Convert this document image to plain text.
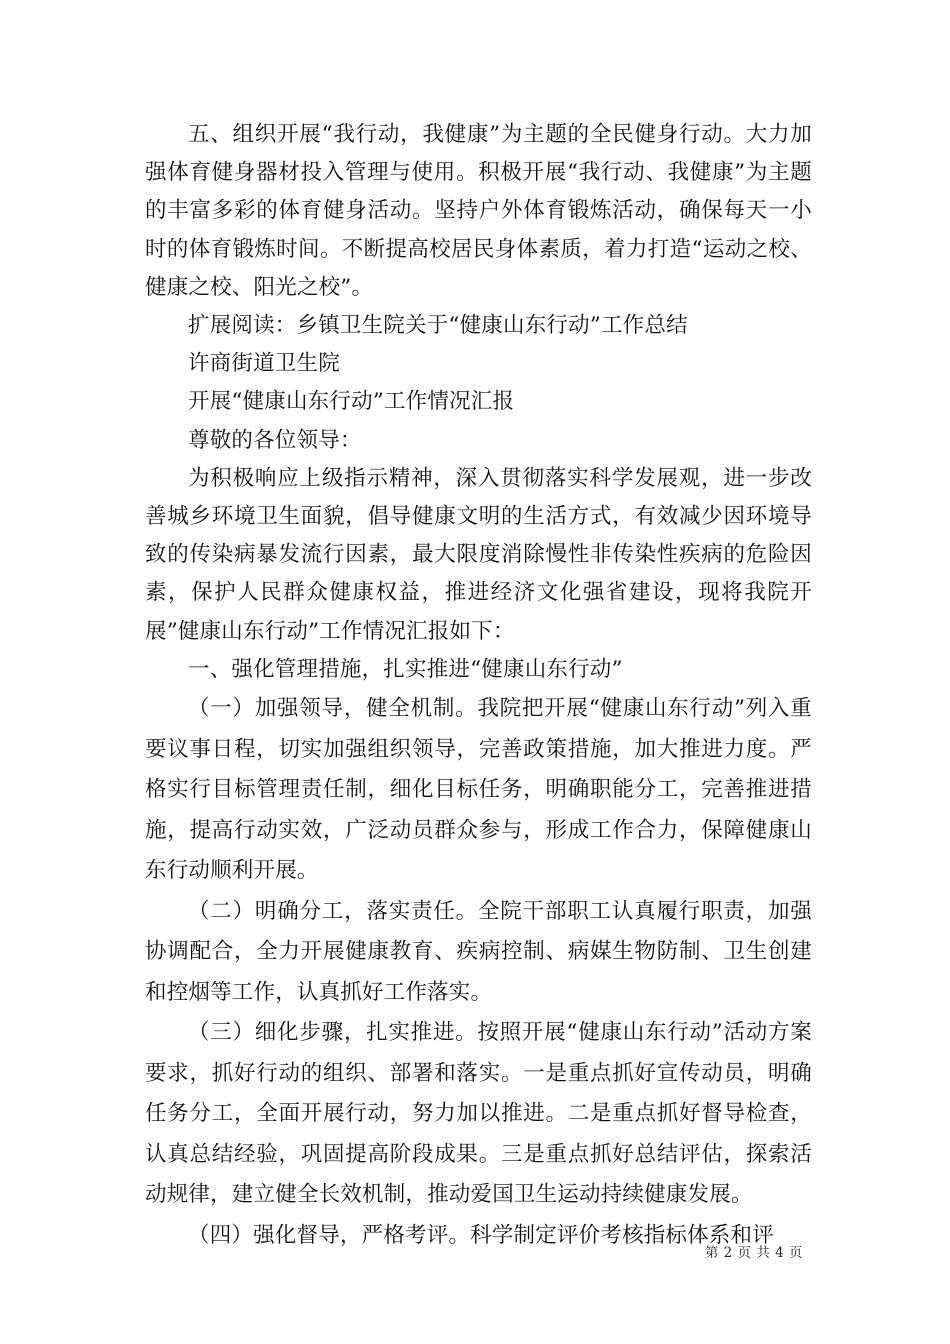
五、组织开展“我行动，我健康”为主题的全民健身行动。大力加强体育健身器材投入管理与使用。积极开展“我行动、我健康”为主题的丰富多彩的体育健身活动。坚持户外体育锻炼活动，确保每天一小时的体育锻炼时间。不断提高校居民身体素质，着力打造“运动之校、健康之校、阳光之校”。

扩展阅读：乡镇卫生院关于“健康山东行动”工作总结

许商街道卫生院

开展“健康山东行动”工作情况汇报

尊敬的各位领导：

为积极响应上级指示精神，深入贯彻落实科学发展观，进一步改善城乡环境卫生面貌，倡导健康文明的生活方式，有效减少因环境导致的传染病暴发流行因素，最大限度消除慢性非传染性疾病的危险因素，保护人民群众健康权益，推进经济文化强省建设，现将我院开展”健康山东行动”工作情况汇报如下：

一、强化管理措施，扎实推进“健康山东行动”

（一）加强领导，健全机制。我院把开展“健康山东行动”列入重要议事日程，切实加强组织领导，完善政策措施，加大推进力度。严格实行目标管理责任制，细化目标任务，明确职能分工，完善推进措施，提高行动实效，广泛动员群众参与，形成工作合力，保障健康山东行动顺利开展。

（二）明确分工，落实责任。全院干部职工认真履行职责，加强协调配合，全力开展健康教育、疾病控制、病媒生物防制、卫生创建和控烟等工作，认真抓好工作落实。

（三）细化步骤，扎实推进。按照开展“健康山东行动”活动方案要求，抓好行动的组织、部署和落实。一是重点抓好宣传动员，明确任务分工，全面开展行动，努力加以推进。二是重点抓好督导检查，认真总结经验，巩固提高阶段成果。三是重点抓好总结评估，探索活动规律，建立健全长效机制，推动爱国卫生运动持续健康发展。

（四）强化督导，严格考评。科学制定评价考核指标体系和评

第 2 页 共 4 页
